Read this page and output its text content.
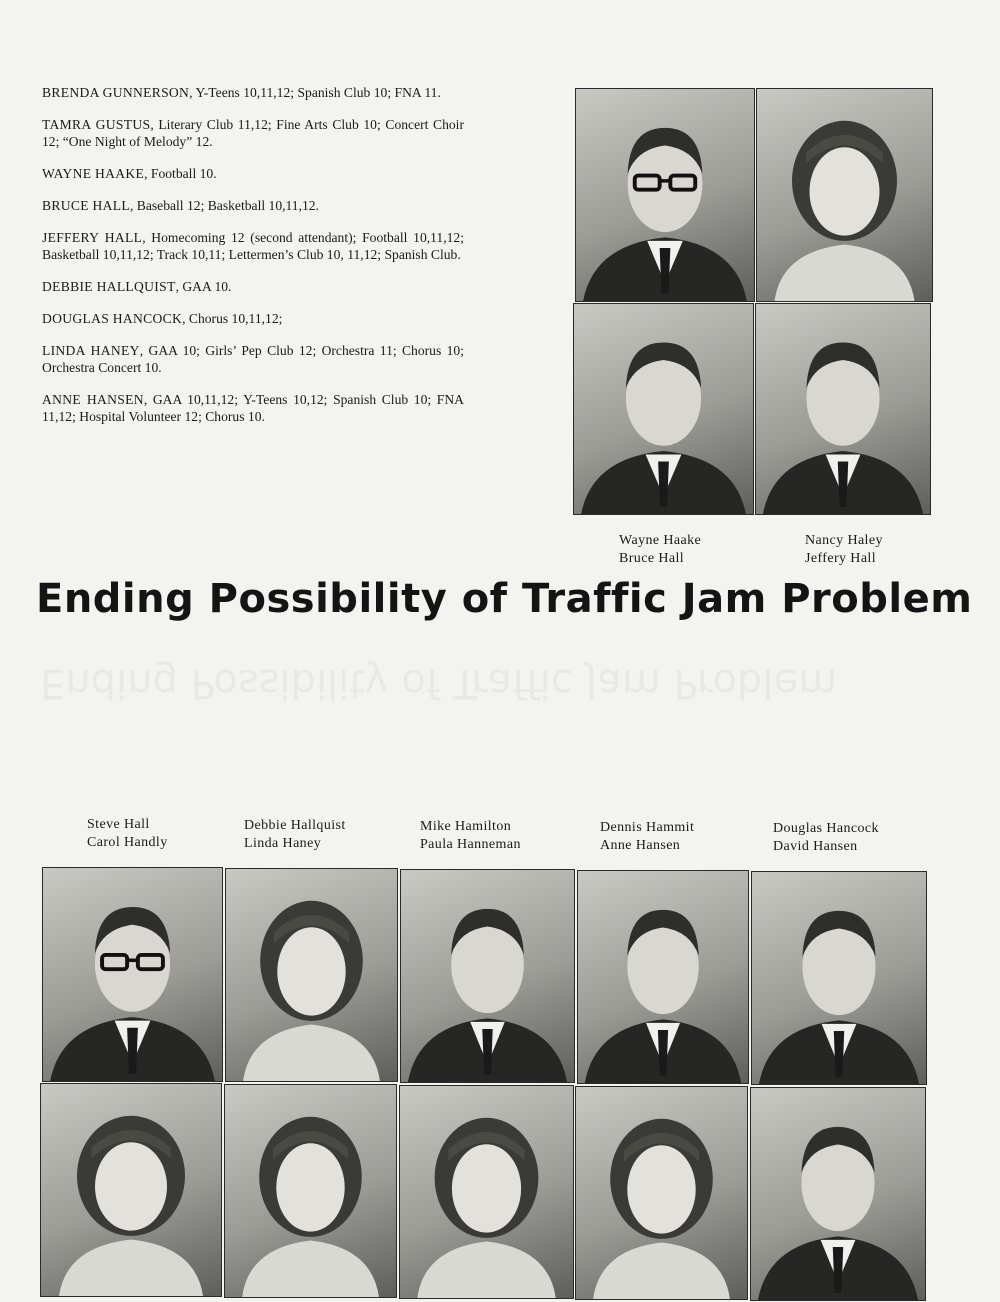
BRENDA GUNNERSON, Y-Teens 10,11,12; Spanish Club 10; FNA 11.

TAMRA GUSTUS, Literary Club 11,12; Fine Arts Club 10; Concert Choir 12; “One Night of Melody” 12.

WAYNE HAAKE, Football 10.

BRUCE HALL, Baseball 12; Basketball 10,11,12.

JEFFERY HALL, Homecoming 12 (second attendant); Football 10,11,12; Basketball 10,11,12; Track 10,11; Lettermen’s Club 10, 11,12; Spanish Club.

DEBBIE HALLQUIST, GAA 10.

DOUGLAS HANCOCK, Chorus 10,11,12;

LINDA HANEY, GAA 10; Girls’ Pep Club 12; Orchestra 11; Chorus 10; Orchestra Concert 10.

ANNE HANSEN, GAA 10,11,12; Y-Teens 10,12; Spanish Club 10; FNA 11,12; Hospital Volunteer 12; Chorus 10.

Wayne Haake
Bruce Hall
Nancy Haley
Jeffery Hall
Ending Possibility of Traffic Jam Problem
Ending Possibility of Traffic Jam Problem
Steve Hall
Carol Handly
Debbie Hallquist
Linda Haney
Mike Hamilton
Paula Hanneman
Dennis Hammit
Anne Hansen
Douglas Hancock
David Hansen
